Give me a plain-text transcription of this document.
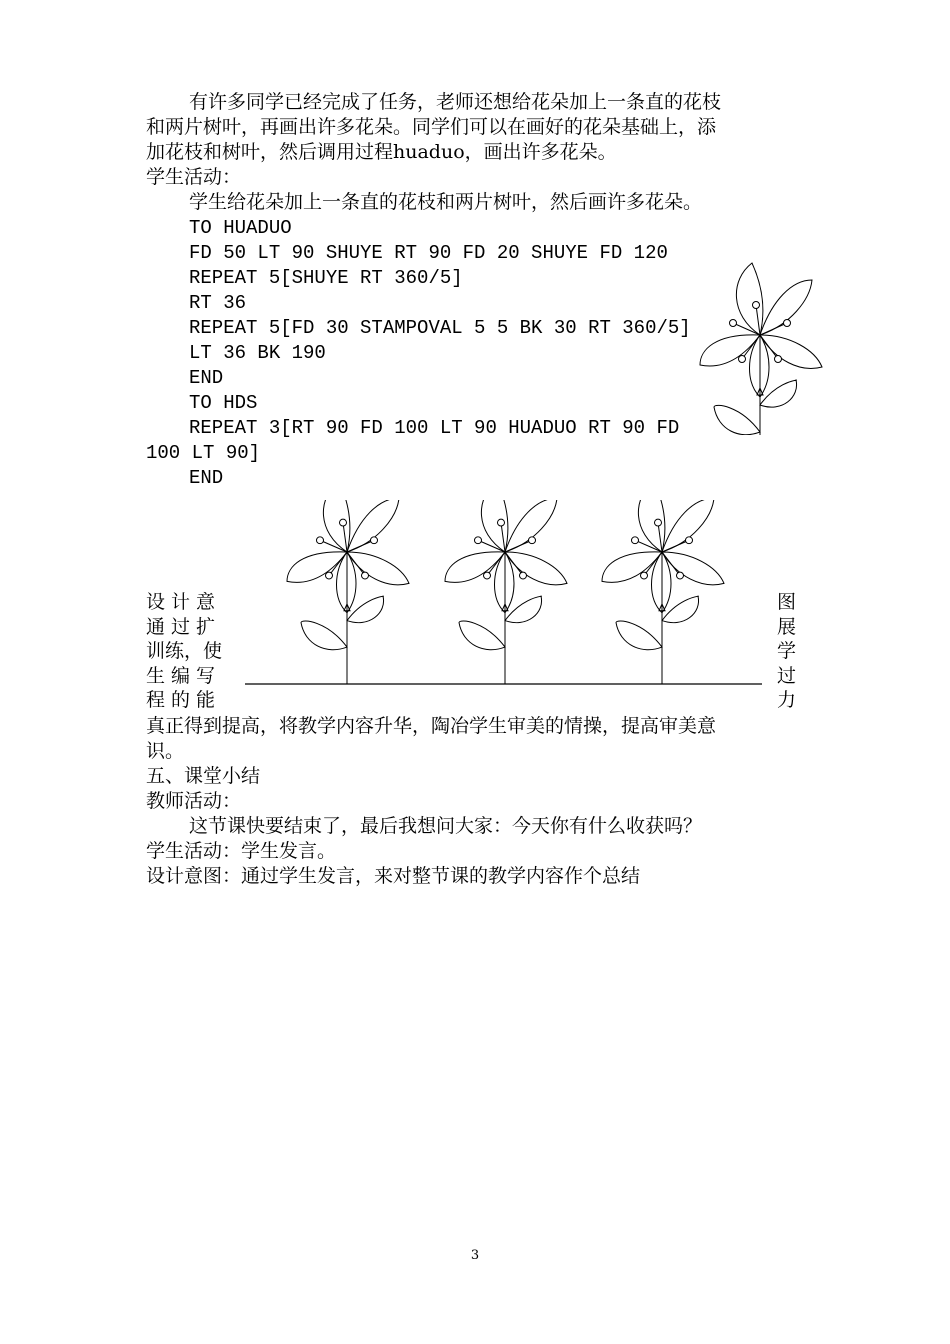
有许多同学已经完成了任务，老师还想给花朵加上一条直的花枝
和两片树叶，再画出许多花朵。同学们可以在画好的花朵基础上，添
加花枝和树叶，然后调用过程huaduo，画出许多花朵。
学生活动：
学生给花朵加上一条直的花枝和两片树叶，然后画许多花朵。
TO HUADUO
FD 50 LT 90 SHUYE RT 90 FD 20 SHUYE FD 120
REPEAT 5[SHUYE RT 360/5]
RT 36
REPEAT 5[FD 30 STAMPOVAL 5 5 BK 30 RT 360/5]
LT 36 BK 190
END
TO HDS
REPEAT 3[RT 90 FD 100 LT 90 HUADUO RT 90 FD
100 LT 90]
END
设计意
通过扩
训练，使
生编写
程的能
图
展
学
过
力
真正得到提高，将教学内容升华，陶冶学生审美的情操，提高审美意
识。
五、课堂小结
教师活动：
这节课快要结束了，最后我想问大家：今天你有什么收获吗？
学生活动：学生发言。
设计意图：通过学生发言，来对整节课的教学内容作个总结
3
